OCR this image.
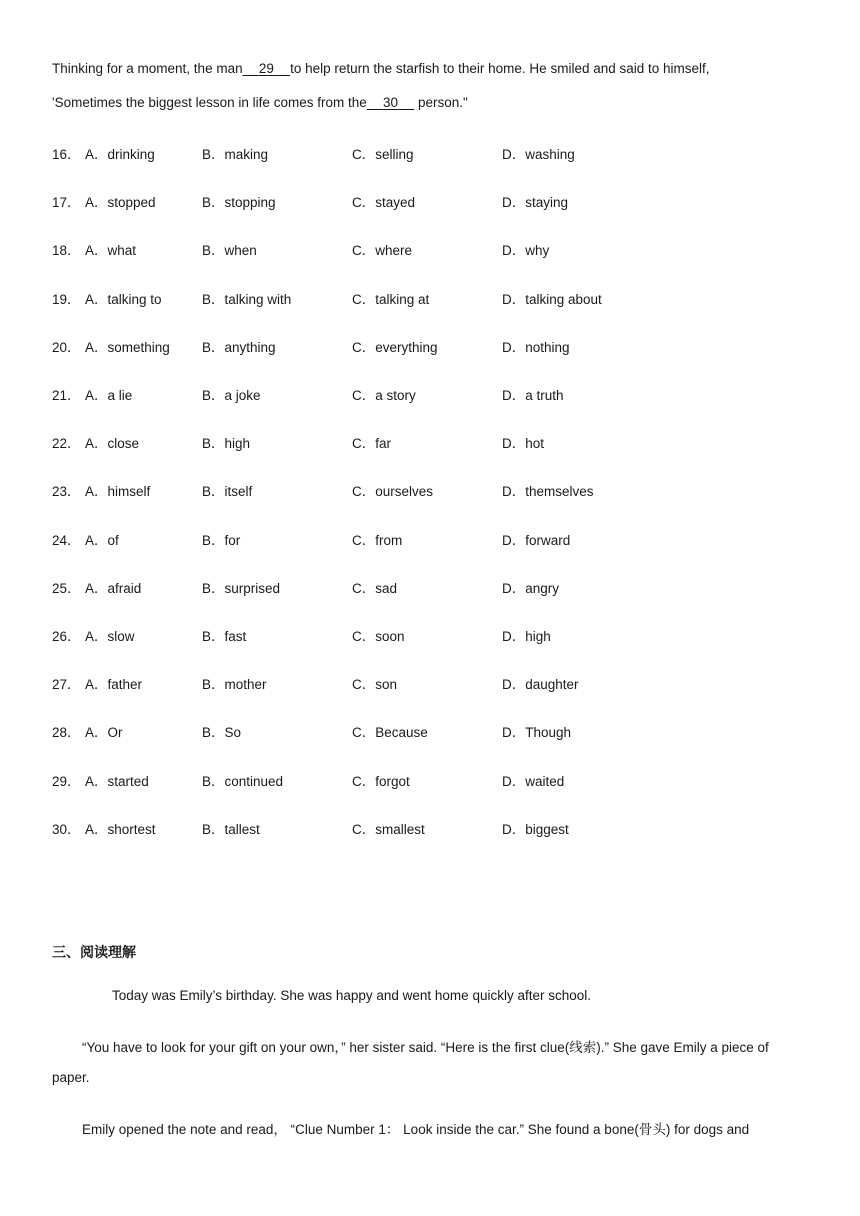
Thinking for a moment, the man       29       to help return the starfish to their home. He smiled and said to himself,
'Sometimes the biggest lesson in life comes from the       30       person."
16． A．drinking	B．making	C．selling	D．washing
17． A．stopped	B．stopping	C．stayed	D．staying
18． A．what	B．when	C．where	D．why
19． A．talking to	B．talking with	C．talking at	D．talking about
20． A．something B．anything	C．everything	D．nothing
21． A．a lie	B．a joke	C．a story	D．a truth
22． A．close	B．high	C．far	D．hot
23． A．himself	B．itself	C．ourselves	D．themselves
24． A．of	B．for	C．from	D．forward
25． A．afraid	B．surprised	C．sad	D．angry
26． A．slow	B．fast	C．soon	D．high
27． A．father	B．mother	C．son	D．daughter
28． A．Or	B．So	C．Because	D．Though
29． A．started	B．continued	C．forgot	D．waited
30． A．shortest	B．tallest	C．smallest	D．biggest
三、阅读理解
Today was Emily’s birthday. She was happy and went home quickly after school.
“You have to look for your gift on your own，” her sister said. “Here is the first clue(线索).” She gave Emily a piece of
paper.
Emily opened the note and read， “Clue Number 1： Look inside the car.” She found a bone(骨头) for dogs and
